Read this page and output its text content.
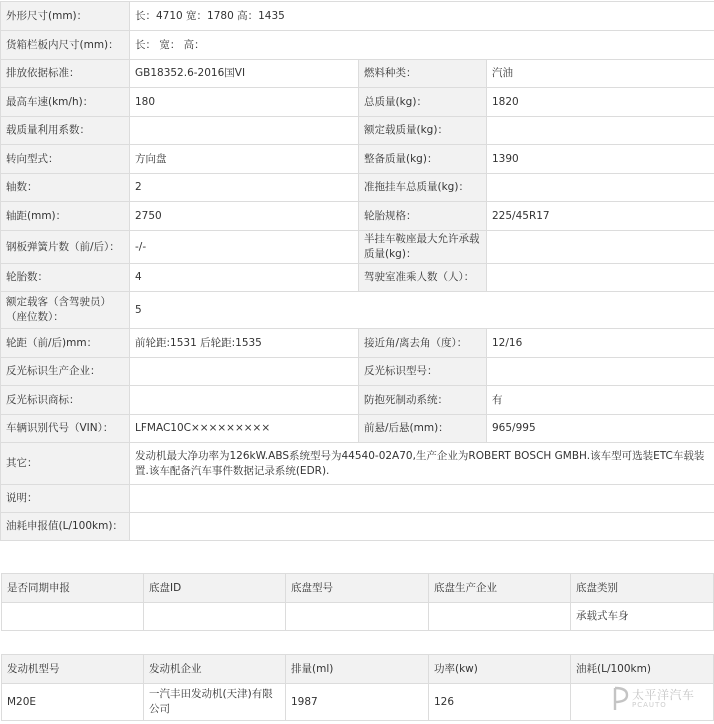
外形尺寸(mm)：	长：4710 宽：1780 高：1435		
货箱栏板内尺寸(mm)：	长： 宽： 高：		
排放依据标准：	GB18352.6-2016国VI	燃料种类：	汽油
最高车速(km/h)：	180	总质量(kg)：	1820
载质量利用系数：		额定载质量(kg)：	
转向型式：	方向盘	整备质量(kg)：	1390
轴数：	2	准拖挂车总质量(kg)：	
轴距(mm)：	2750	轮胎规格：	225/45R17
钢板弹簧片数（前/后）：	-/-	半挂车鞍座最大允许承载质量(kg)：	
轮胎数：	4	驾驶室准乘人数（人）：	
额定载客（含驾驶员）（座位数）：	5		
轮距（前/后)mm：	前轮距:1531 后轮距:1535	接近角/离去角（度）：	12/16
反光标识生产企业：		反光标识型号：	
反光标识商标：		防抱死制动系统：	有
车辆识别代号（VIN）：	LFMAC10C×××××××××	前悬/后悬(mm)：	965/995
其它：	发动机最大净功率为126kW.ABS系统型号为44540-02A70,生产企业为ROBERT BOSCH GMBH.该车型可选装ETC车载装置.该车配备汽车事件数据记录系统(EDR).		
说明：			
油耗申报值(L/100km)：			
是否同期申报	底盘ID	底盘型号	底盘生产企业	底盘类别
				承载式车身
发动机型号	发动机企业	排量(ml)	功率(kw)	油耗(L/100km)
M20E	一汽丰田发动机(天津)有限公司	1987	126		太平洋汽车
PCAUTO
